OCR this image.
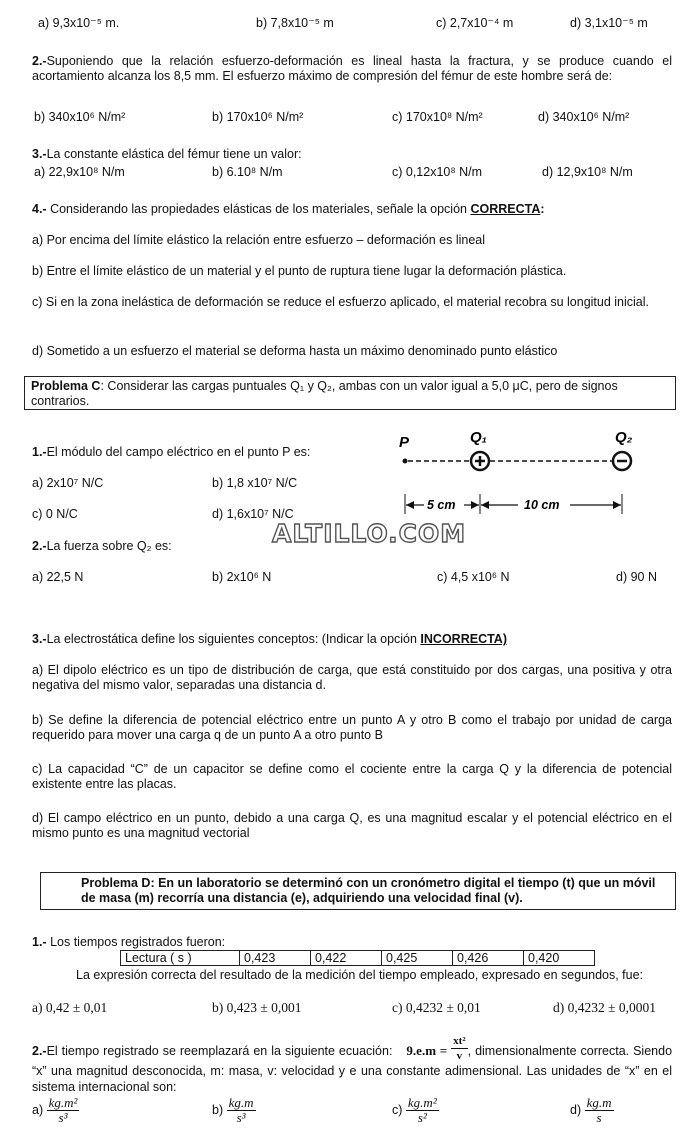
a) 9,3x10⁻⁵ m.	b) 7,8x10⁻⁵ m	c) 2,7x10⁻⁴ m	d) 3,1x10⁻⁵ m
2.-Suponiendo que la relación esfuerzo-deformación es lineal hasta la fractura, y se produce cuando el acortamiento alcanza los 8,5 mm. El esfuerzo máximo de compresión del fémur de este hombre será de:
b) 340x10⁶ N/m²	b) 170x10⁶ N/m²	c) 170x10⁸ N/m²	d) 340x10⁶ N/m²
3.-La constante elástica del fémur tiene un valor:
a) 22,9x10⁸ N/m	b) 6.10⁸ N/m	c) 0,12x10⁸ N/m	d) 12,9x10⁸ N/m
4.- Considerando las propiedades elásticas de los materiales, señale la opción CORRECTA:
a) Por encima del límite elástico la relación entre esfuerzo – deformación es lineal
b) Entre el límite elástico de un material y el punto de ruptura tiene lugar la deformación plástica.
c) Si en la zona inelástica de deformación se reduce el esfuerzo aplicado, el material recobra su longitud inicial.
d) Sometido a un esfuerzo el material se deforma hasta un máximo denominado punto elástico
Problema C: Considerar las cargas puntuales Q₁ y Q₂, ambas con un valor igual a 5,0 μC, pero de signos contrarios.
1.-El módulo del campo eléctrico en el punto P es:
a) 2x10⁷ N/C	b) 1,8 x10⁷ N/C
c) 0 N/C	d) 1,6x10⁷ N/C
P	Q₁	Q₂
5 cm	10 cm
ALTILLO.COM
2.-La fuerza sobre Q₂ es:
a) 22,5 N	b) 2x10⁶ N	c) 4,5 x10⁶ N	d) 90 N
3.-La electrostática define los siguientes conceptos: (Indicar la opción INCORRECTA)
a) El dipolo eléctrico es un tipo de distribución de carga, que está constituido por dos cargas, una positiva y otra negativa del mismo valor, separadas una distancia d.
b) Se define la diferencia de potencial eléctrico entre un punto A y otro B como el trabajo por unidad de carga requerido para mover una carga q de un punto A a otro punto B
c) La capacidad “C” de un capacitor se define como el cociente entre la carga Q y la diferencia de potencial existente entre las placas.
d) El campo eléctrico en un punto, debido a una carga Q, es una magnitud escalar y el potencial eléctrico en el mismo punto es una magnitud vectorial
Problema D: En un laboratorio se determinó con un cronómetro digital el tiempo (t) que un móvil de masa (m) recorría una distancia (e), adquiriendo una velocidad final (v).
1.- Los tiempos registrados fueron:
Lectura ( s )	0,423	0,422	0,425	0,426	0,420
La expresión correcta del resultado de la medición del tiempo empleado, expresado en segundos, fue:
a) 0,42 ± 0,01	b) 0,423 ± 0,001	c) 0,4232 ± 0,01	d) 0,4232 ± 0,0001
2.-El tiempo registrado se reemplazará en la siguiente ecuación: $9.e.m = \frac{\text{xt²}}{v}$ , dimensionalmente correcta. Siendo “x” una magnitud desconocida, m: masa, v: velocidad y e una constante adimensional. Las unidades de “x” en el sistema internacional son:
$a) \frac{\text{kg.m²}}{\text{s³}}$	$b) \frac{kg.m}{\text{s³}}$	$c) \frac{\text{kg.m²}}{\text{s²}}$	$d) \frac{kg.m}{s}$
